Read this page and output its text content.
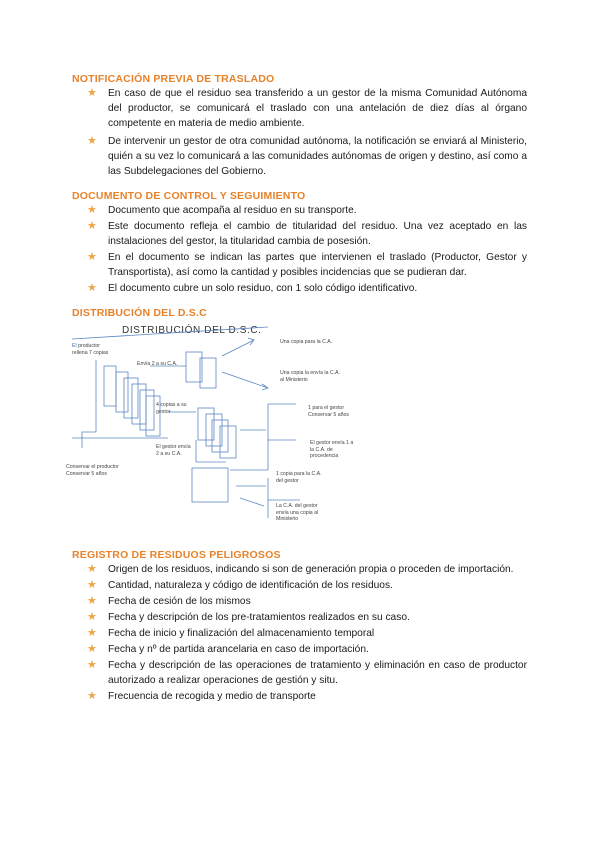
NOTIFICACIÓN PREVIA DE TRASLADO
★ En caso de que el residuo sea transferido a un gestor de la misma Comunidad Autónoma del productor, se comunicará el traslado con una antelación de diez días al órgano competente en materia de medio ambiente.
★ De intervenir un gestor de otra comunidad autónoma, la notificación se enviará al Ministerio, quién a su vez lo comunicará a las comunidades autónomas de origen y destino, así como a las Subdelegaciones del Gobierno.
DOCUMENTO DE CONTROL Y SEGUIMIENTO
★ Documento que acompaña al residuo en su transporte.
★ Este documento refleja el cambio de titularidad del residuo. Una vez aceptado en las instalaciones del gestor, la titularidad cambia de posesión.
★ En el documento se indican las partes que intervienen el traslado (Productor, Gestor y Transportista), así como la cantidad y posibles incidencias que se pudieran dar.
★ El documento cubre un solo residuo, con 1 solo código identificativo.
DISTRIBUCIÓN DEL D.S.C
DISTRIBUCIÓN DEL D.S.C.
El productor
rellena 7 copias
Envía 2 a su C.A.
Una copia para la C.A.
Una copia la envía la C.A. al Ministerio
4 copias a su gestor
El gestor envía 2 a su C.A.
1 para el gestor Conservar 5 años
El gestor envía 1 a la C.A. de procedencia
1 copia para la C.A. del gestor
La C.A. del gestor envía una copia al Ministerio
Conservar el productor
Conservar 5 años
REGISTRO DE RESIDUOS PELIGROSOS
★ Origen de los residuos, indicando si son de generación propia o proceden de importación.
★ Cantidad, naturaleza y código de identificación de los residuos.
★ Fecha de cesión de los mismos
★ Fecha y descripción de los pre-tratamientos realizados en su caso.
★ Fecha de inicio y finalización del almacenamiento temporal
★ Fecha y nº de partida arancelaria en caso de importación.
★ Fecha y descripción de las operaciones de tratamiento y eliminación en caso de productor autorizado a realizar operaciones de gestión y situ.
★ Frecuencia de recogida y medio de transporte
